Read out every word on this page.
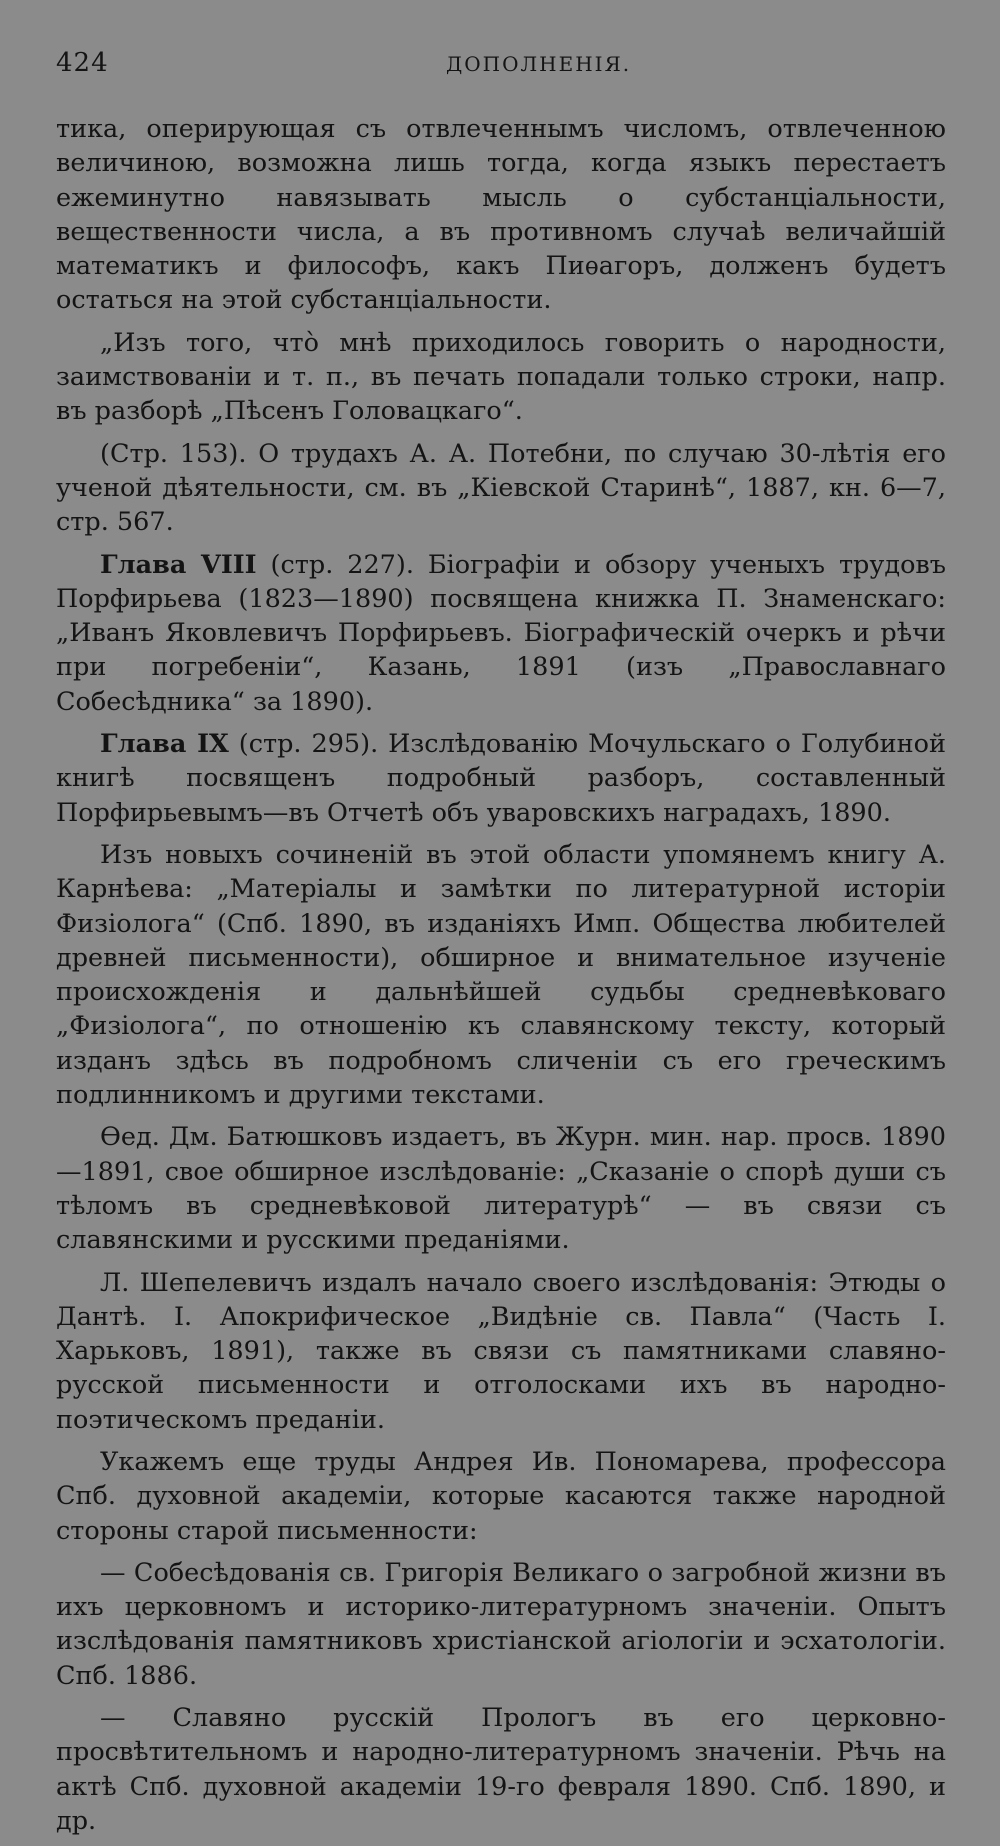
424	ДОПОЛНЕНІЯ.

тика, оперирующая съ отвлеченнымъ числомъ, отвлеченною величиною, возможна лишь тогда, когда языкъ перестаетъ ежеминутно навязывать мысль о субстанціальности, вещественности числа, а въ противномъ случаѣ величайшій математикъ и философъ, какъ Пиѳагоръ, долженъ будетъ остаться на этой субстанціальности.

„Изъ того, что̀ мнѣ приходилось говорить о народности, заимствованіи и т. п., въ печать попадали только строки, напр. въ разборѣ „Пѣсенъ Головацкаго“.

(Стр. 153). О трудахъ А. А. Потебни, по случаю 30-лѣтія его ученой дѣятельности, см. въ „Кіевской Старинѣ“, 1887, кн. 6—7, стр. 567.

Глава VIII (стр. 227). Біографіи и обзору ученыхъ трудовъ Порфирьева (1823—1890) посвящена книжка П. Знаменскаго: „Иванъ Яковлевичъ Порфирьевъ. Біографическій очеркъ и рѣчи при погребеніи“, Казань, 1891 (изъ „Православнаго Собесѣдника“ за 1890).

Глава IX (стр. 295). Изслѣдованію Мочульскаго о Голубиной книгѣ посвященъ подробный разборъ, составленный Порфирьевымъ—въ Отчетѣ объ уваровскихъ наградахъ, 1890.

Изъ новыхъ сочиненій въ этой области упомянемъ книгу А. Карнѣева: „Матеріалы и замѣтки по литературной исторіи Физіолога“ (Спб. 1890, въ изданіяхъ Имп. Общества любителей древней письменности), обширное и внимательное изученіе происхожденія и дальнѣйшей судьбы средневѣковаго „Физіолога“, по отношенію къ славянскому тексту, который изданъ здѣсь въ подробномъ сличеніи съ его греческимъ подлинникомъ и другими текстами.

Ѳед. Дм. Батюшковъ издаетъ, въ Журн. мин. нар. просв. 1890—1891, свое обширное изслѣдованіе: „Сказаніе о спорѣ души съ тѣломъ въ средневѣковой литературѣ“ — въ связи съ славянскими и русскими преданіями.

Л. Шепелевичъ издалъ начало своего изслѣдованія: Этюды о Дантѣ. I. Апокрифическое „Видѣніе св. Павла“ (Часть I. Харьковъ, 1891), также въ связи съ памятниками славяно-русской письменности и отголосками ихъ въ народно-поэтическомъ преданіи.

Укажемъ еще труды Андрея Ив. Пономарева, профессора Спб. духовной академіи, которые касаются также народной стороны старой письменности:

— Собесѣдованія св. Григорія Великаго о загробной жизни въ ихъ церковномъ и историко-литературномъ значеніи. Опытъ изслѣдованія памятниковъ христіанской агіологіи и эсхатологіи. Спб. 1886.

— Славяно русскій Прологъ въ его церковно-просвѣтительномъ и народно-литературномъ значеніи. Рѣчь на актѣ Спб. духовной академіи 19-го февраля 1890. Спб. 1890, и др.
